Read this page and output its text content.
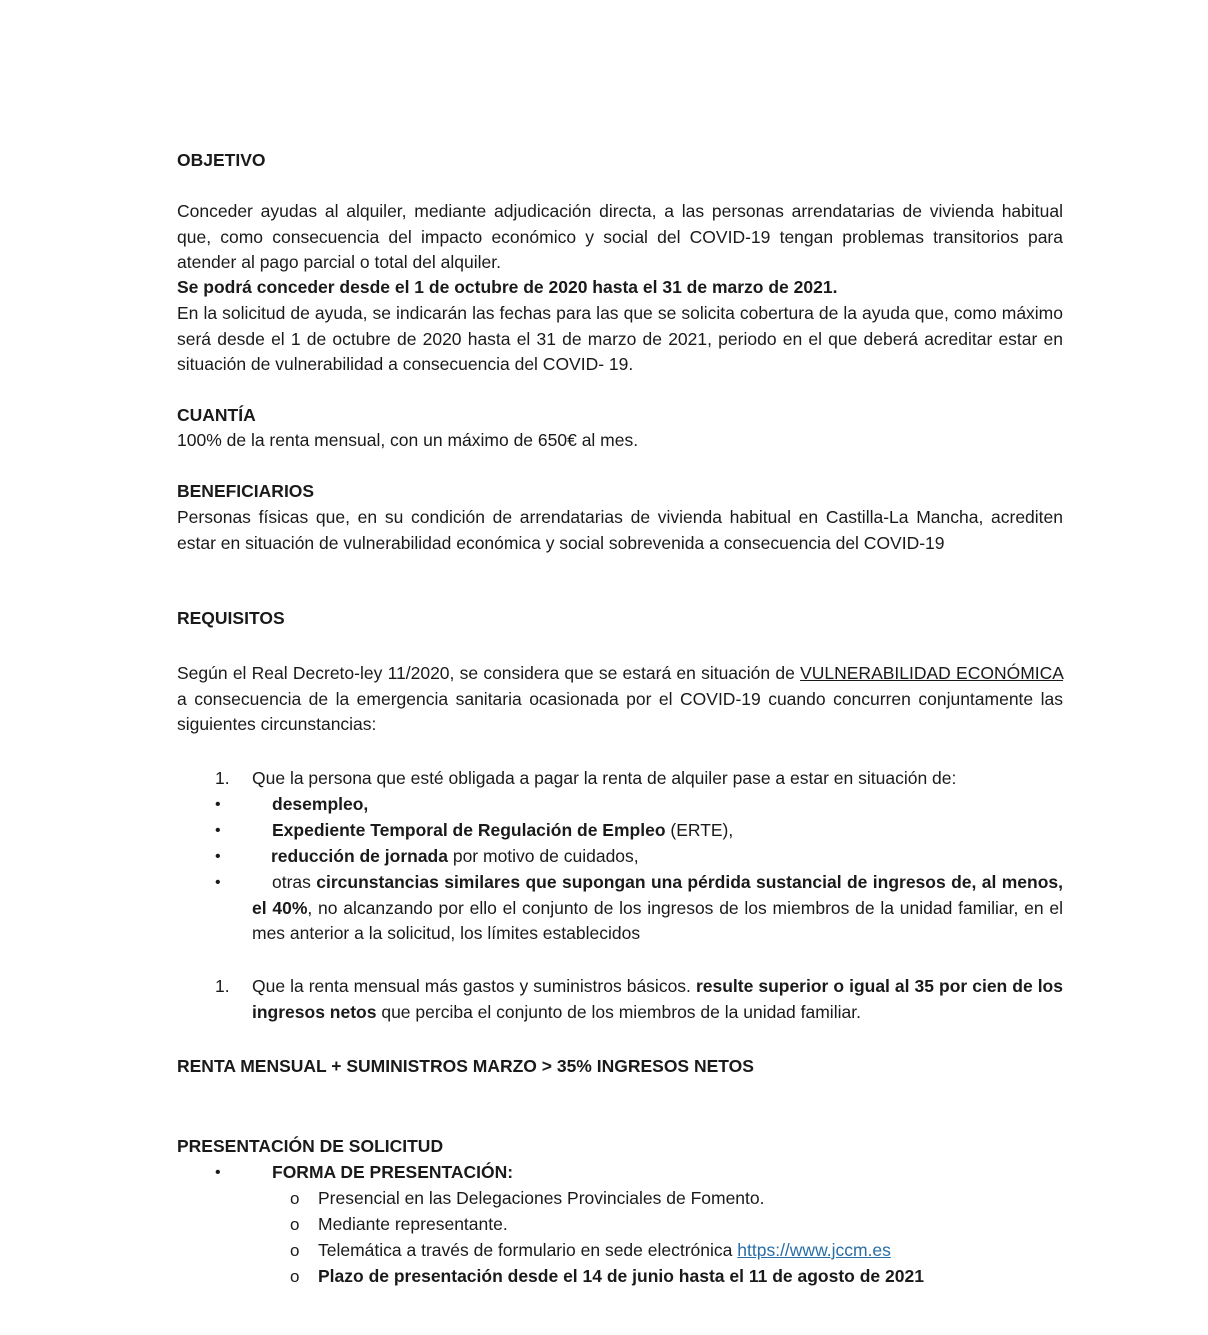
OBJETIVO
Conceder ayudas al alquiler, mediante adjudicación directa, a las personas arrendatarias de vivienda habitual que, como consecuencia del impacto económico y social del COVID-19 tengan problemas transitorios para atender al pago parcial o total del alquiler.
Se podrá conceder desde el 1 de octubre de 2020 hasta el 31 de marzo de 2021.
En la solicitud de ayuda, se indicarán las fechas para las que se solicita cobertura de la ayuda que, como máximo será desde el 1 de octubre de 2020 hasta el 31 de marzo de 2021, periodo en el que deberá acreditar estar en situación de vulnerabilidad a consecuencia del COVID- 19.
CUANTÍA
100% de la renta mensual, con un máximo de 650€ al mes.
BENEFICIARIOS
Personas físicas que, en su condición de arrendatarias de vivienda habitual en Castilla-La Mancha, acrediten estar en situación de vulnerabilidad económica y social sobrevenida a consecuencia del COVID-19
REQUISITOS
Según el Real Decreto-ley 11/2020, se considera que se estará en situación de VULNERABILIDAD ECONÓMICA a consecuencia de la emergencia sanitaria ocasionada por el COVID-19 cuando concurren conjuntamente las siguientes circunstancias:
1. Que la persona que esté obligada a pagar la renta de alquiler pase a estar en situación de:
•	desempleo,
•	Expediente Temporal de Regulación de Empleo (ERTE),
•	reducción de jornada por motivo de cuidados,
•	otras circunstancias similares que supongan una pérdida sustancial de ingresos de, al menos, el 40%, no alcanzando por ello el conjunto de los ingresos de los miembros de la unidad familiar, en el mes anterior a la solicitud, los límites establecidos
1. Que la renta mensual más gastos y suministros básicos. resulte superior o igual al 35 por cien de los ingresos netos que perciba el conjunto de los miembros de la unidad familiar.
RENTA MENSUAL + SUMINISTROS MARZO > 35% INGRESOS NETOS
PRESENTACIÓN DE SOLICITUD
•	FORMA DE PRESENTACIÓN:
o Presencial en las Delegaciones Provinciales de Fomento.
o Mediante representante.
o Telemática a través de formulario en sede electrónica https://www.jccm.es
o Plazo de presentación desde el 14 de junio hasta el 11 de agosto de 2021
